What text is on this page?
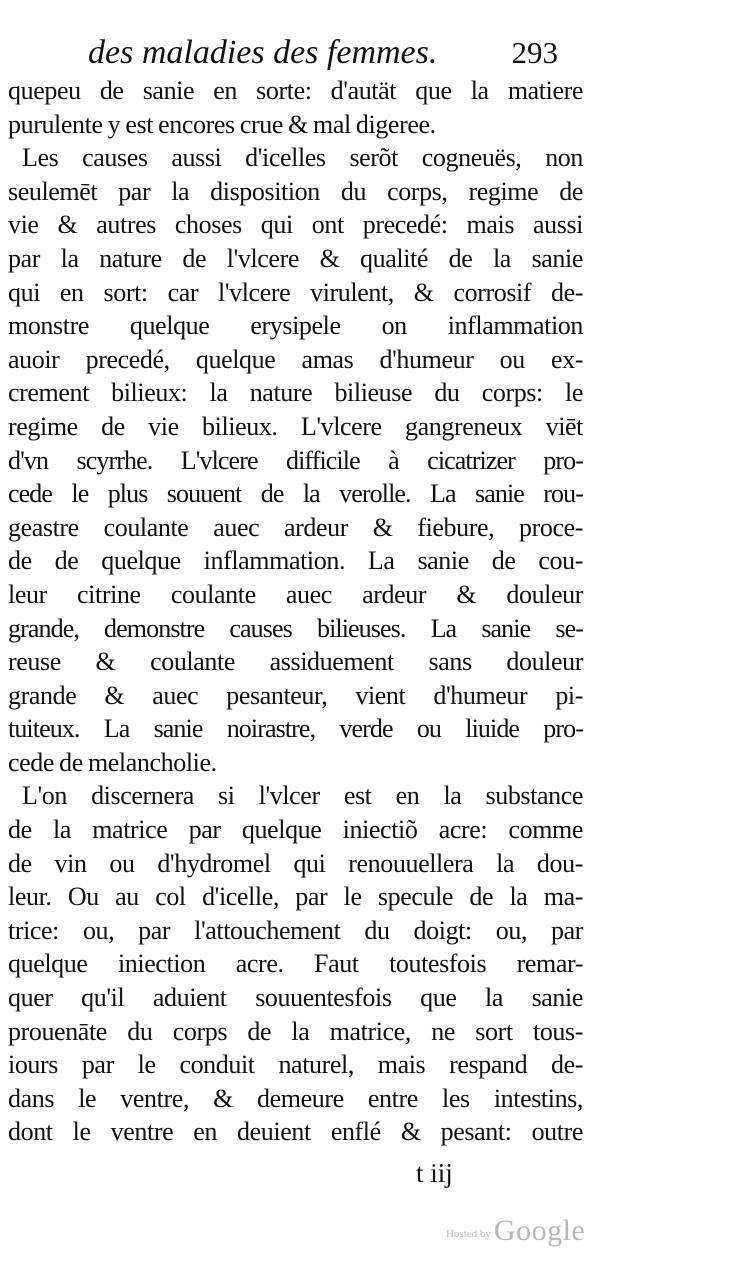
des maladies des femmes. 293
quepeu de sanie en sorte: d'autät que la matiere
purulente y est encores crue & mal digeree.
Les causes aussi d'icelles serõt cogneuës, non
seulemēt par la disposition du corps, regime de
vie & autres choses qui ont precedé: mais aussi
par la nature de l'vlcere & qualité de la sanie
qui en sort: car l'vlcere virulent, & corrosif de-
monstre quelque erysipele on inflammation
auoir precedé, quelque amas d'humeur ou ex-
crement bilieux: la nature bilieuse du corps: le
regime de vie bilieux. L'vlcere gangreneux viēt
d'vn scyrrhe. L'vlcere difficile à cicatrizer pro-
cede le plus souuent de la verolle. La sanie rou-
geastre coulante auec ardeur & fiebure, proce-
de de quelque inflammation. La sanie de cou-
leur citrine coulante auec ardeur & douleur
grande, demonstre causes bilieuses. La sanie se-
reuse & coulante assiduement sans douleur
grande & auec pesanteur, vient d'humeur pi-
tuiteux. La sanie noirastre, verde ou liuide pro-
cede de melancholie.
L'on discernera si l'vlcer est en la substance
de la matrice par quelque iniectiõ acre: comme
de vin ou d'hydromel qui renouuellera la dou-
leur. Ou au col d'icelle, par le specule de la ma-
trice: ou, par l'attouchement du doigt: ou, par
quelque iniection acre. Faut toutesfois remar-
quer qu'il aduient souuentesfois que la sanie
prouenāte du corps de la matrice, ne sort tous-
iours par le conduit naturel, mais respand de-
dans le ventre, & demeure entre les intestins,
dont le ventre en deuient enflé & pesant: outre
t iij
Hosted by Google
